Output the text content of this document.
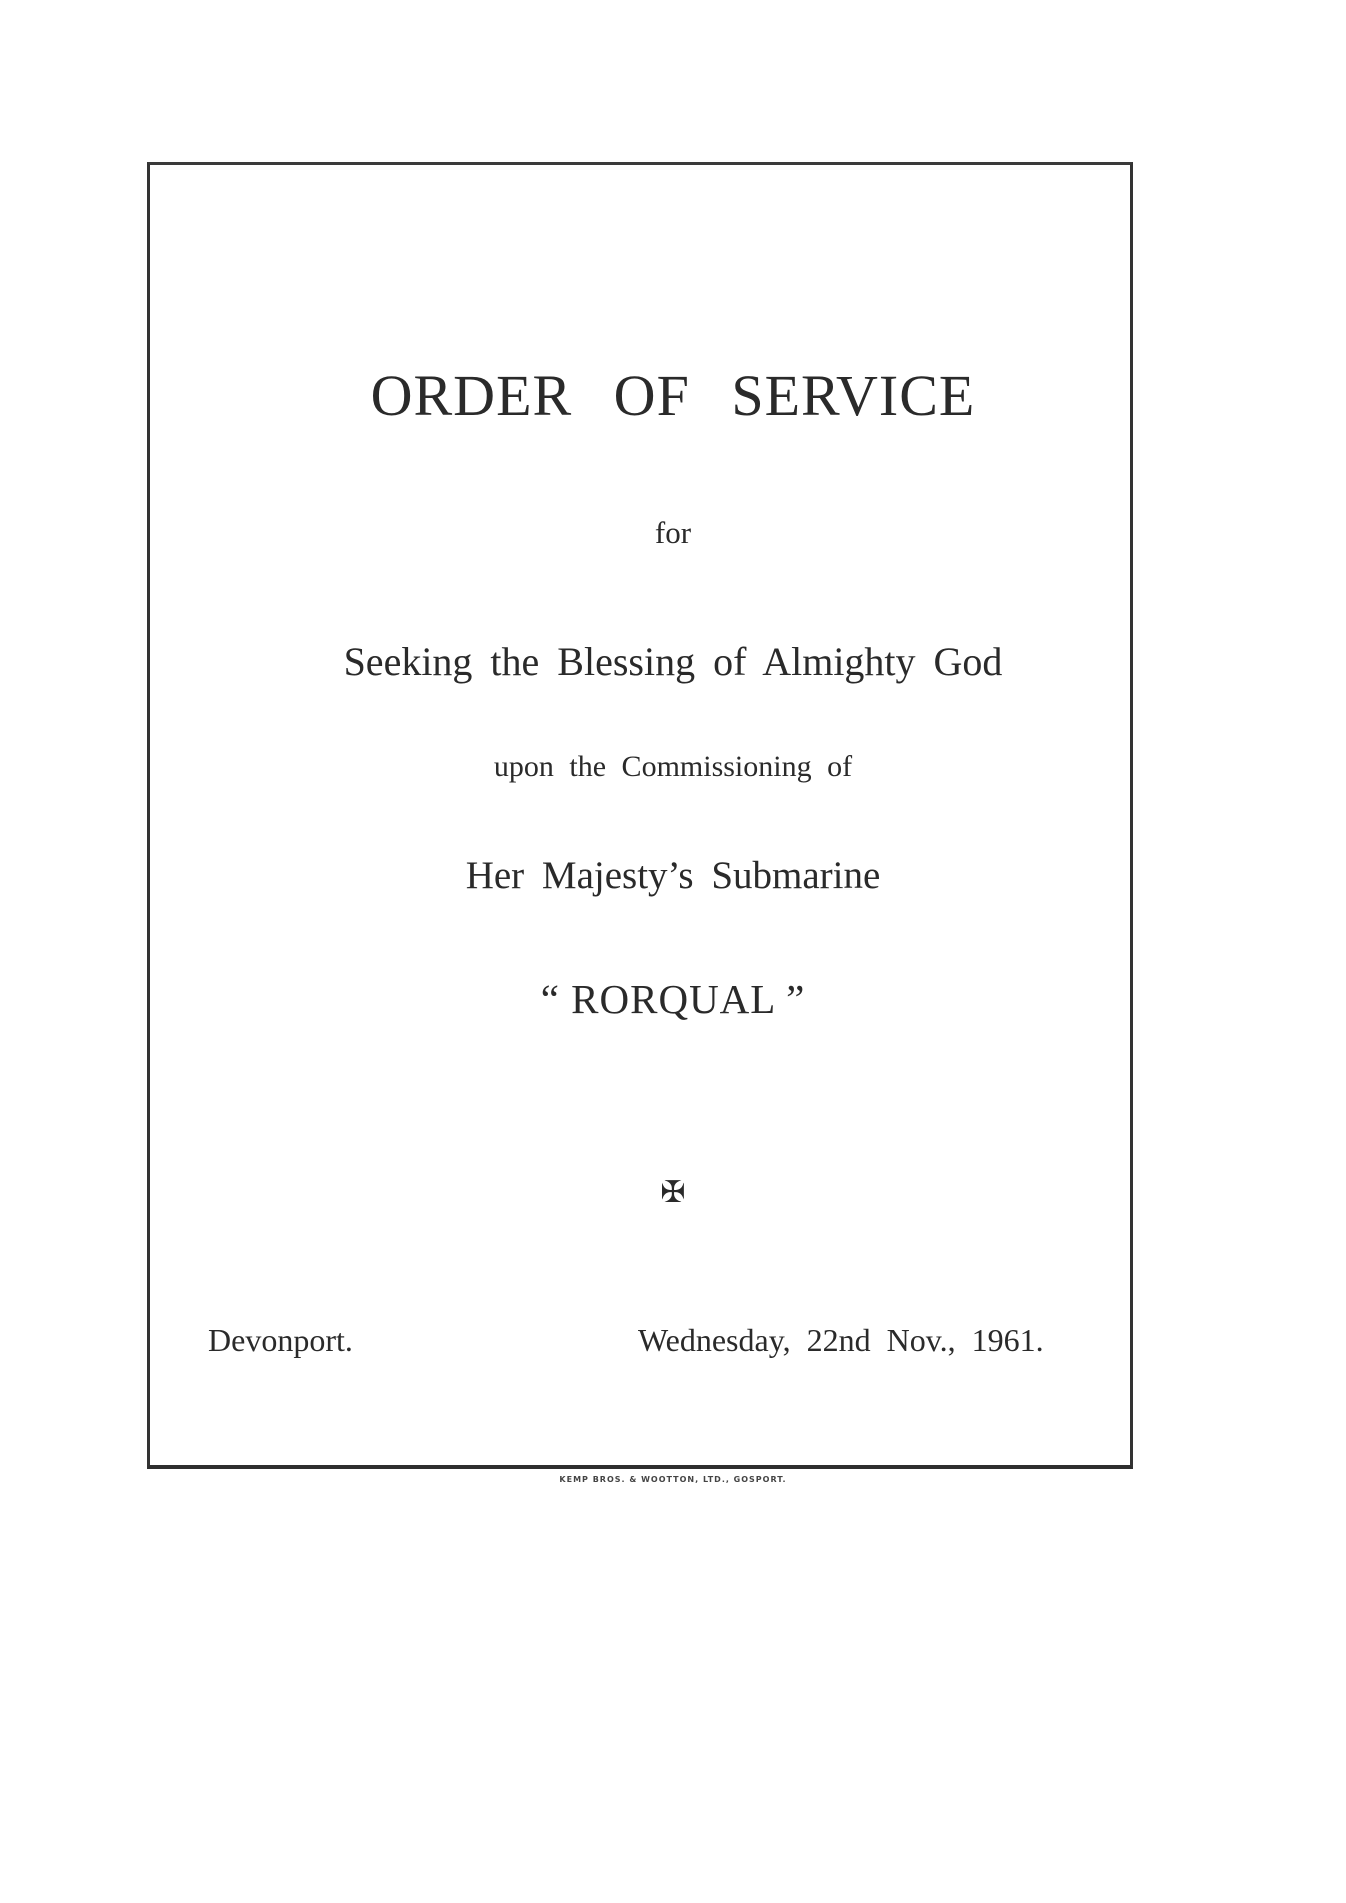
ORDER OF SERVICE
for
Seeking the Blessing of Almighty God
upon the Commissioning of
Her Majesty’s Submarine
“ RORQUAL ”
✠
Devonport.	Wednesday, 22nd Nov., 1961.
KEMP BROS. & WOOTTON, LTD., GOSPORT.
